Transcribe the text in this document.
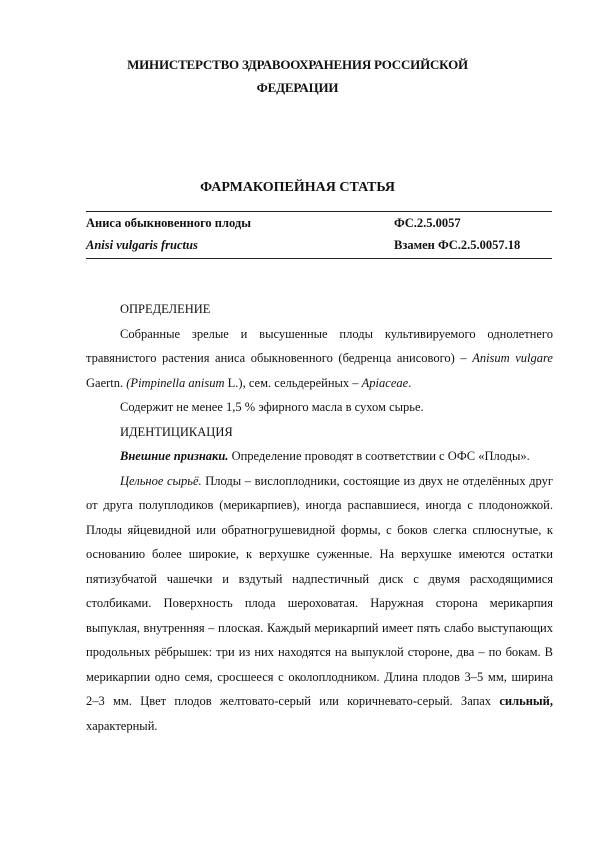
МИНИСТЕРСТВО ЗДРАВООХРАНЕНИЯ РОССИЙСКОЙ
ФЕДЕРАЦИИ
ФАРМАКОПЕЙНАЯ СТАТЬЯ
Аниса обыкновенного плоды	ФС.2.5.0057
Anisi vulgaris fructus	Взамен ФС.2.5.0057.18

ОПРЕДЕЛЕНИЕ

Собранные зрелые и высушенные плоды культивируемого однолетнего травянистого растения аниса обыкновенного (бедренца анисового) – Anisum vulgare Gaertn. (Pimpinella anisum L.), сем. сельдерейных – Apiaceae.

Содержит не менее 1,5 % эфирного масла в сухом сырье.

ИДЕНТИЦИКАЦИЯ

Внешние признаки. Определение проводят в соответствии с ОФС «Плоды».

Цельное сырьё. Плоды – вислоплодники, состоящие из двух не отделённых друг от друга полуплодиков (мерикарпиев), иногда распавшиеся, иногда с плодоножкой. Плоды яйцевидной или обратногрушевидной формы, с боков слегка сплюснутые, к основанию более широкие, к верхушке суженные. На верхушке имеются остатки пятизубчатой чашечки и вздутый надпестичный диск с двумя расходящимися столбиками. Поверхность плода шероховатая. Наружная сторона мерикарпия выпуклая, внутренняя – плоская. Каждый мерикарпий имеет пять слабо выступающих продольных рёбрышек: три из них находятся на выпуклой стороне, два – по бокам. В мерикарпии одно семя, сросшееся с околоплодником. Длина плодов 3–5 мм, ширина 2–3 мм. Цвет плодов желтовато-серый или коричневато-серый. Запах сильный, характерный.
